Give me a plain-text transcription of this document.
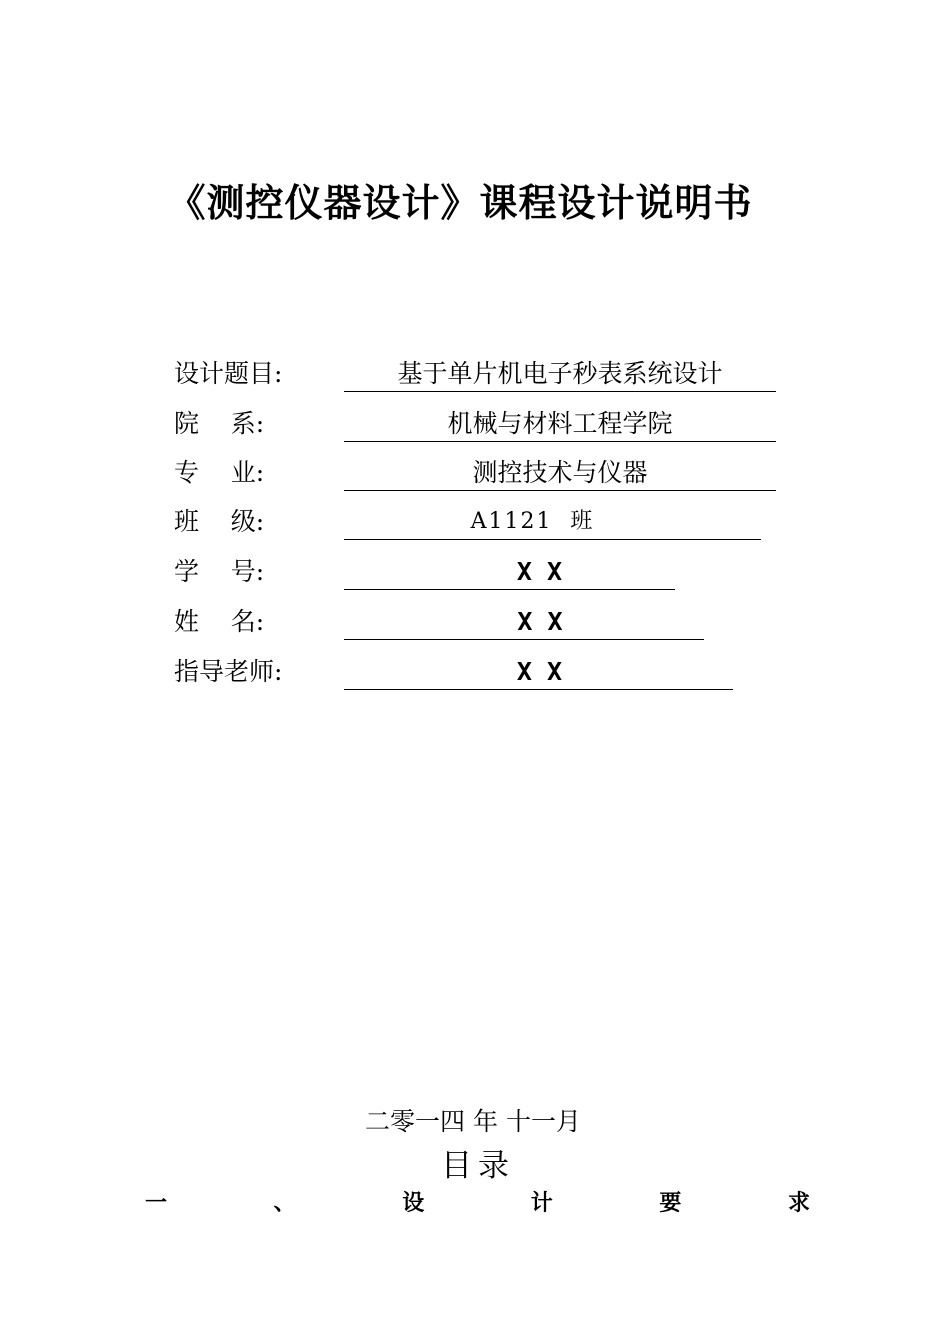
《测控仪器设计》课程设计说明书
设计题目:	基于单片机电子秒表系统设计
院    系:	机械与材料工程学院
专    业:	测控技术与仪器
班    级:	A1121  班
学    号:	X X
姓    名:	X X
指导老师:	X X
二零一四 年 十一月
目录
一	、	设	计	要	求
